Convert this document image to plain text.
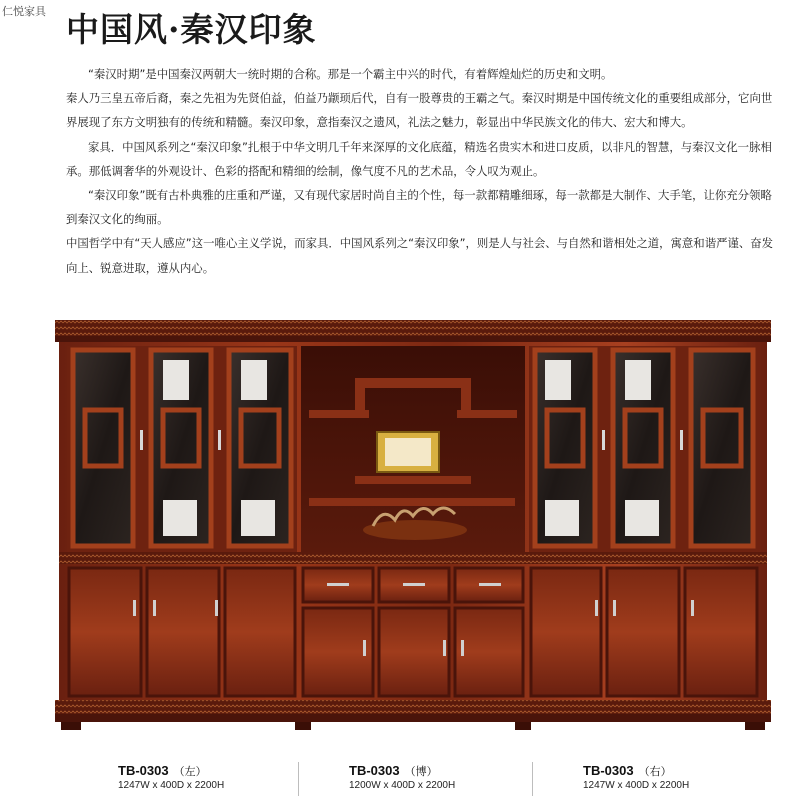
仁悦家具 中国风·秦汉印象

“秦汉时期”是中国秦汉两朝大一统时期的合称。那是一个霸主中兴的时代，有着辉煌灿烂的历史和文明。

秦人乃三皇五帝后裔，秦之先祖为先贤伯益，伯益乃颛顼后代，自有一股尊贵的王霸之气。秦汉时期是中国传统文化的重要组成部分，它向世界展现了东方文明独有的传统和精髓。秦汉印象，意指秦汉之遗风，礼法之魅力，彰显出中华民族文化的伟大、宏大和博大。

家具．中国风系列之“秦汉印象”扎根于中华文明几千年来深厚的文化底蕴，精选名贵实木和进口皮质，以非凡的智慧，与秦汉文化一脉相承。那低调奢华的外观设计、色彩的搭配和精细的绘制，像气度不凡的艺术品，令人叹为观止。

“秦汉印象”既有古朴典雅的庄重和严谨，又有现代家居时尚自主的个性，每一款都精雕细琢，每一款都是大制作、大手笔，让你充分领略到秦汉文化的绚丽。

中国哲学中有“天人感应”这一唯心主义学说，而家具．中国风系列之“秦汉印象”，则是人与社会、与自然和谐相处之道，寓意和谐严谨、奋发向上、锐意进取，遵从内心。

TB-0303 （左）
1247W x 400D x 2200H
TB-0303 （博）
1200W x 400D x 2200H
TB-0303 （右）
1247W x 400D x 2200H
